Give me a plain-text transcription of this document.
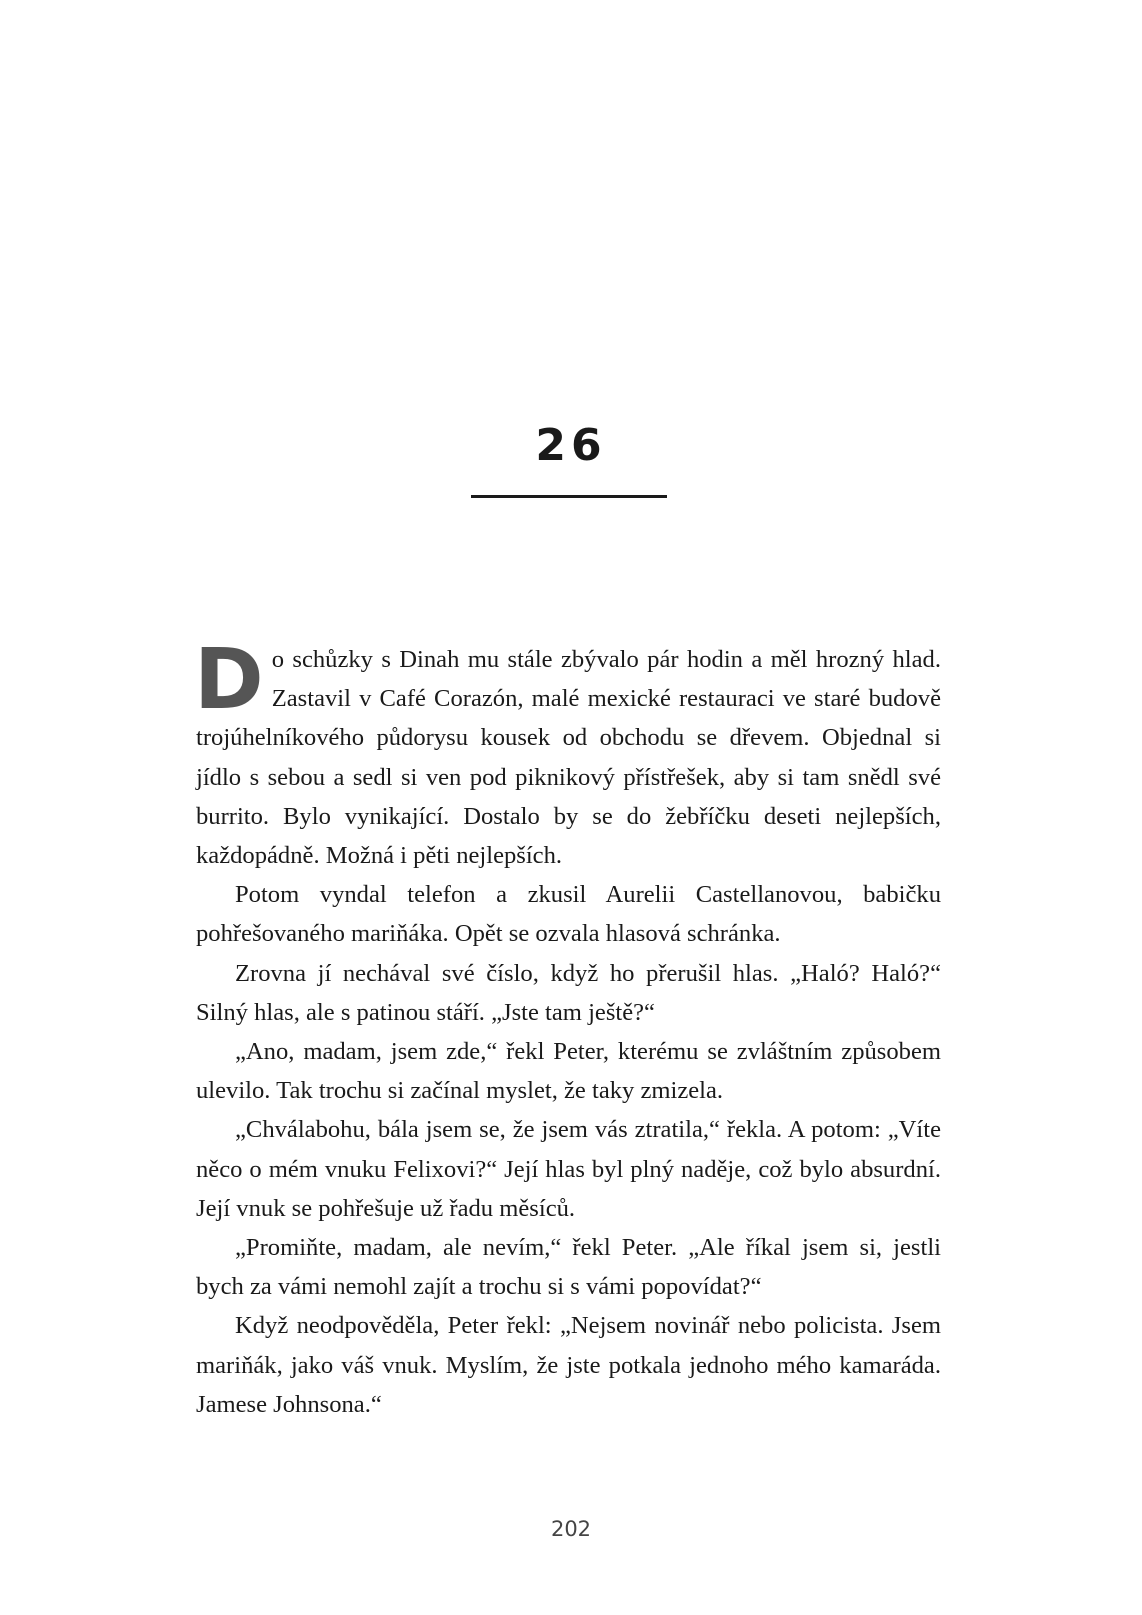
26

Do schůzky s Dinah mu stále zbývalo pár hodin a měl hrozný hlad. Zastavil v Café Corazón, malé mexické restauraci ve staré budově trojúhelníkového půdorysu kousek od obchodu se dřevem. Objednal si jídlo s sebou a sedl si ven pod piknikový přístřešek, aby si tam snědl své burrito. Bylo vynikající. Dostalo by se do žebříčku deseti nejlepších, každopádně. Možná i pěti nejlepších.

Potom vyndal telefon a zkusil Aurelii Castellanovou, babičku pohřešovaného mariňáka. Opět se ozvala hlasová schránka.

Zrovna jí nechával své číslo, když ho přerušil hlas. „Haló? Haló?“ Silný hlas, ale s patinou stáří. „Jste tam ještě?“

„Ano, madam, jsem zde,“ řekl Peter, kterému se zvláštním způsobem ulevilo. Tak trochu si začínal myslet, že taky zmizela.

„Chválabohu, bála jsem se, že jsem vás ztratila,“ řekla. A potom: „Víte něco o mém vnuku Felixovi?“ Její hlas byl plný naděje, což bylo absurdní. Její vnuk se pohřešuje už řadu měsíců.

„Promiňte, madam, ale nevím,“ řekl Peter. „Ale říkal jsem si, jestli bych za vámi nemohl zajít a trochu si s vámi popovídat?“

Když neodpověděla, Peter řekl: „Nejsem novinář nebo policista. Jsem mariňák, jako váš vnuk. Myslím, že jste potkala jednoho mého kamaráda. Jamese Johnsona.“

202
